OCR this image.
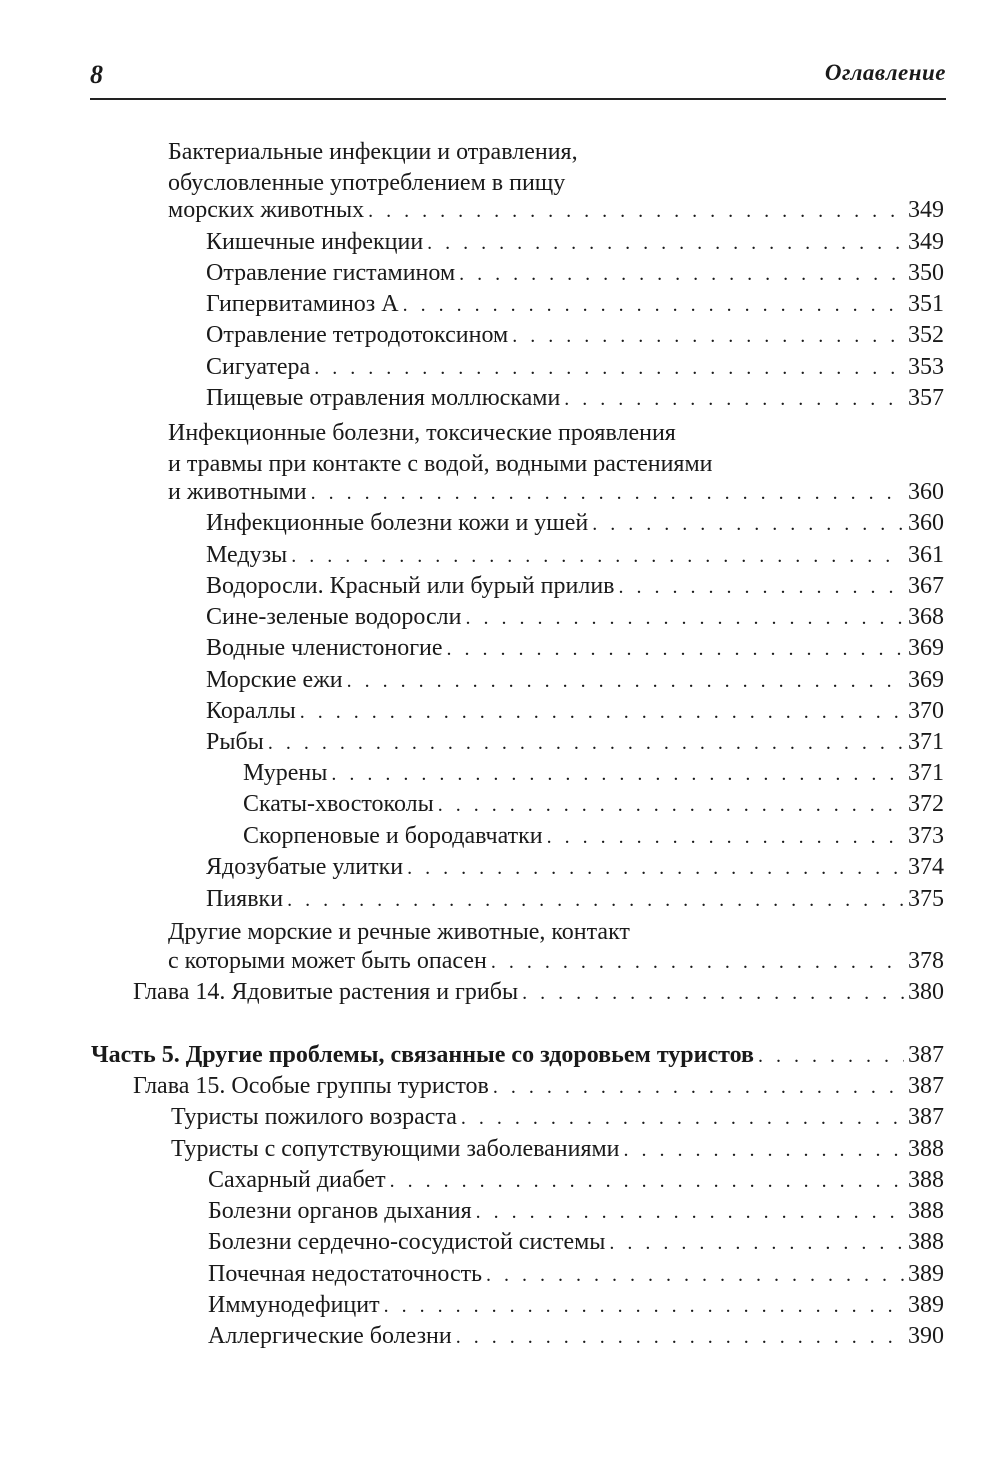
8	Оглавление
Бактериальные инфекции и отравления,
обусловленные употреблением в пищу
морских животных . . .	349
Кишечные инфекции . . .	349
Отравление гистамином . . .	350
Гипервитаминоз А . . .	351
Отравление тетродотоксином . . .	352
Сигуатера . . .	353
Пищевые отравления моллюсками . . .	357
Инфекционные болезни, токсические проявления
и травмы при контакте с водой, водными растениями
и животными . . .	360
Инфекционные болезни кожи и ушей . . .	360
Медузы . . .	361
Водоросли. Красный или бурый прилив . . .	367
Сине-зеленые водоросли . . .	368
Водные членистоногие . . .	369
Морские ежи . . .	369
Кораллы . . .	370
Рыбы . . .	371
Мурены . . .	371
Скаты-хвостоколы . . .	372
Скорпеновые и бородавчатки . . .	373
Ядозубатые улитки . . .	374
Пиявки . . .	375
Другие морские и речные животные, контакт
с которыми может быть опасен . . .	378
Глава 14. Ядовитые растения и грибы . . .	380
Часть 5. Другие проблемы, связанные со здоровьем туристов . . .	387
Глава 15. Особые группы туристов . . .	387
Туристы пожилого возраста . . .	387
Туристы с сопутствующими заболеваниями . . .	388
Сахарный диабет . . .	388
Болезни органов дыхания . . .	388
Болезни сердечно-сосудистой системы . . .	388
Почечная недостаточность . . .	389
Иммунодефицит . . .	389
Аллергические болезни . . .	390
